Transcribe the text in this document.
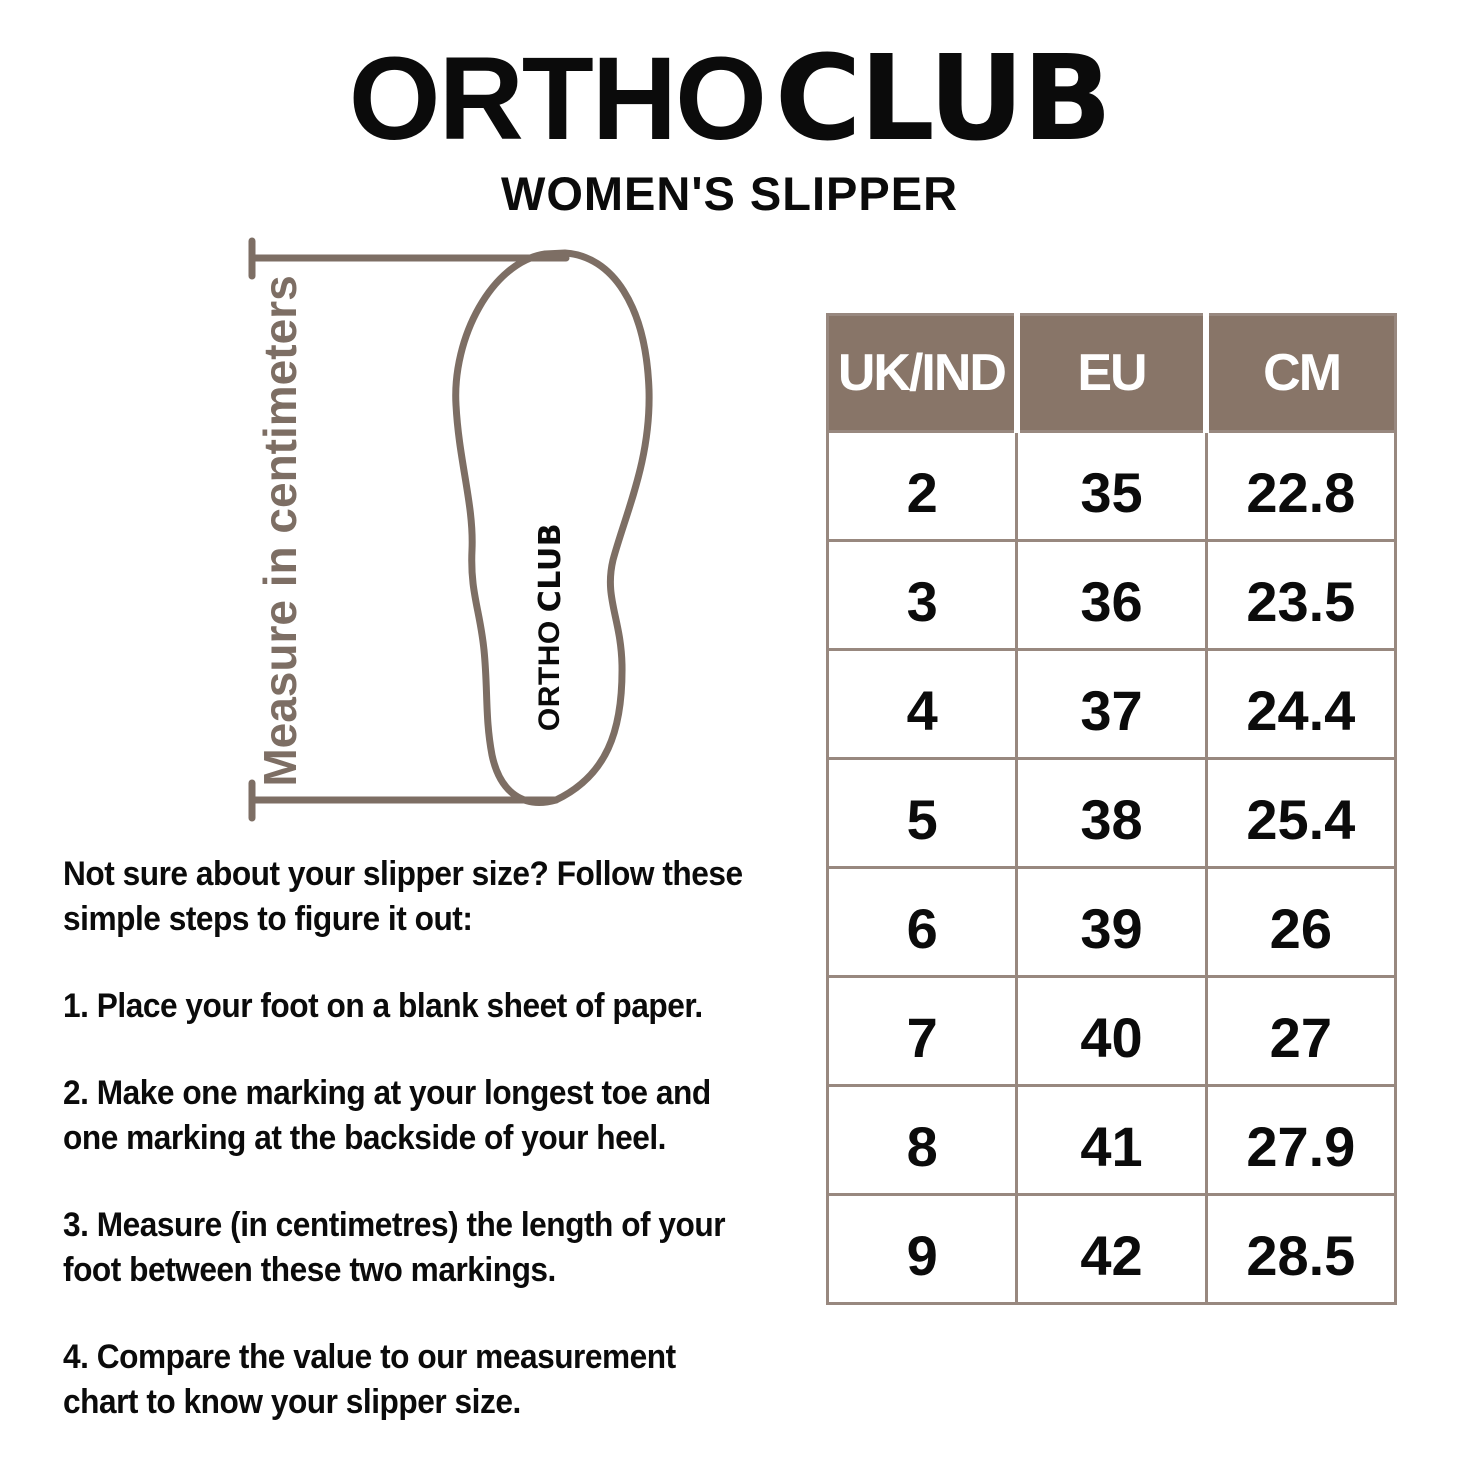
ORTHOCLUB
WOMEN'S SLIPPER
Measure in centimeters	ORTHOCLUB
Not sure about your slipper size? Follow these
simple steps to figure it out:
1. Place your foot on a blank sheet of paper.
2. Make one marking at your longest toe and
one marking at the backside of your heel.
3. Measure (in centimetres) the length of your
foot between these two markings.
4. Compare the value to our measurement
chart to know your slipper size.
UK/IND	EU	CM
2	35	22.8
3	36	23.5
4	37	24.4
5	38	25.4
6	39	26
7	40	27
8	41	27.9
9	42	28.5
